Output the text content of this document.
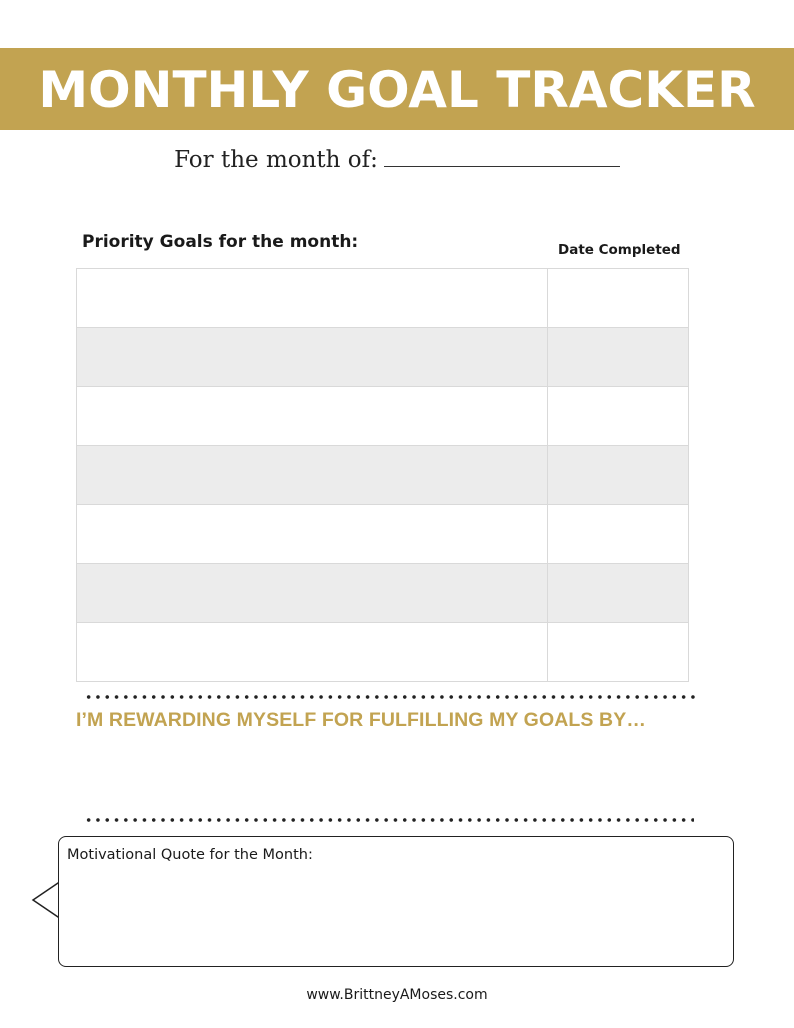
MONTHLY GOAL TRACKER
For the month of:
Priority Goals for the month:	Date Completed
I’M REWARDING MYSELF FOR FULFILLING MY GOALS BY…
Motivational Quote for the Month:
www.BrittneyAMoses.com
